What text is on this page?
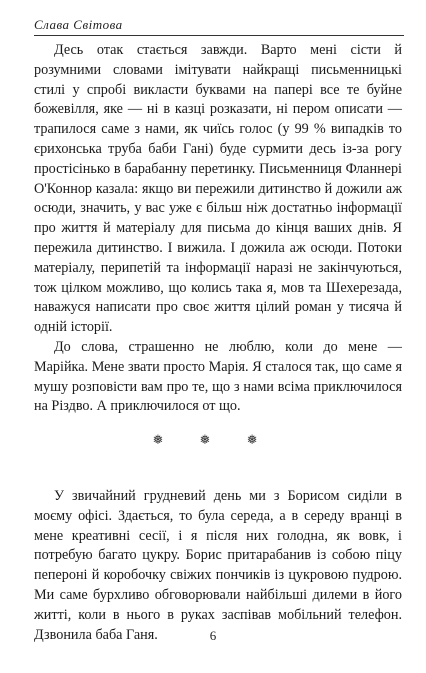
Слава Світова

Десь отак стається завжди. Варто мені сісти й розумними словами імітувати найкращі письменницькі стилі у спробі викласти буквами на папері все те буйне божевілля, яке — ні в казці розказати, ні пером описати — трапилося саме з нами, як чиїсь голос (у 99 % випадків то єрихонська труба баби Гані) буде сурмити десь із-за рогу простісінько в барабанну перетинку. Письменниця Фланнері О'Коннор казала: якщо ви пережили дитинство й дожили аж осюди, значить, у вас уже є більш ніж достатньо інформації про життя й матеріалу для письма до кінця ваших днів. Я пережила дитинство. І вижила. І дожила аж осюди. Потоки матеріалу, перипетій та інформації наразі не закінчуються, тож цілком можливо, що колись така я, мов та Шехерезада, наважуся написати про своє життя цілий роман у тисяча й одній історії.

До слова, страшенно не люблю, коли до мене — Марійка. Мене звати просто Марія. Я сталося так, що саме я мушу розповісти вам про те, що з нами всіма приключилося на Різдво. А приключилося от що.

❅ ❅ ❅

У звичайний грудневий день ми з Борисом сиділи в моєму офісі. Здається, то була середа, а в середу вранці в мене креативні сесії, і я після них голодна, як вовк, і потребую багато цукру. Борис притарабанив із собою піцу пепероні й коробочку свіжих пончиків із цукровою пудрою. Ми саме бурхливо обговорювали найбільші дилеми в його житті, коли в нього в руках заспівав мобільний телефон. Дзвонила баба Ганя.	6
